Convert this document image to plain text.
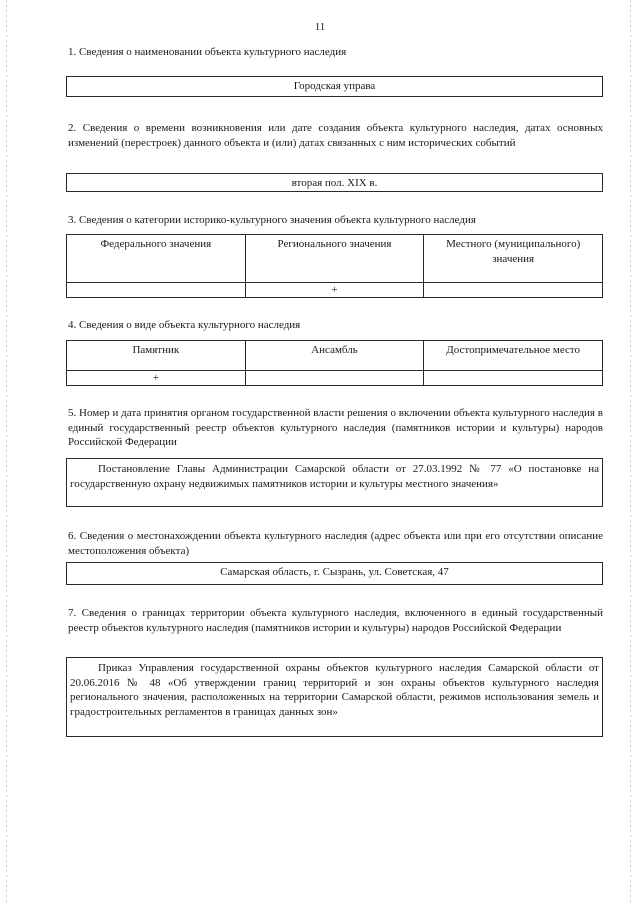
11
1. Сведения о наименовании объекта культурного наследия
Городская управа
2. Сведения о времени возникновения или дате создания объекта культурного наследия, датах основных изменений (перестроек) данного объекта и (или) датах связанных с ним исторических событий
вторая пол. XIX в.
3. Сведения о категории историко-культурного значения объекта культурного наследия
Федерального значения	Регионального значения	Местного (муниципального) значения
	+	
4. Сведения о виде объекта культурного наследия
Памятник	Ансамбль	Достопримечательное место
+		
5. Номер и дата принятия органом государственной власти решения о включении объекта культурного наследия в единый государственный реестр объектов культурного наследия (памятников истории и культуры) народов Российской Федерации
Постановление Главы Администрации Самарской области от 27.03.1992 № 77 «О постановке на государственную охрану недвижимых памятников истории и культуры местного значения»
6. Сведения о местонахождении объекта культурного наследия (адрес объекта или при его отсутствии описание местоположения объекта)
Самарская область, г. Сызрань, ул. Советская, 47
7. Сведения о границах территории объекта культурного наследия, включенного в единый государственный реестр объектов культурного наследия (памятников истории и культуры) народов Российской Федерации
Приказ Управления государственной охраны объектов культурного наследия Самарской области от 20.06.2016 № 48 «Об утверждении границ территорий и зон охраны объектов культурного наследия регионального значения, расположенных на территории Самарской области, режимов использования земель и градостроительных регламентов в границах данных зон»
